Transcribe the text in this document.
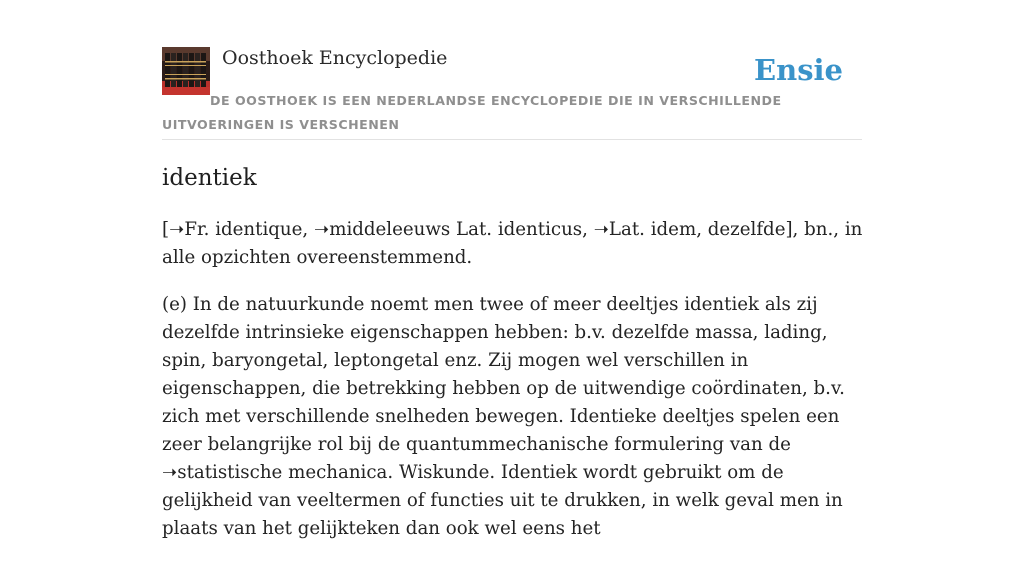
Oosthoek Encyclopedie	Ensie
DE OOSTHOEK IS EEN NEDERLANDSE ENCYCLOPEDIE DIE IN VERSCHILLENDE UITVOERINGEN IS VERSCHENEN
identiek

[➝Fr. identique, ➝middeleeuws Lat. identicus, ➝Lat. idem, dezelfde], bn., in alle opzichten overeenstemmend.

(e) In de natuurkunde noemt men twee of meer deeltjes identiek als zij dezelfde intrinsieke eigenschappen hebben: b.v. dezelfde massa, lading, spin, baryongetal, leptongetal enz. Zij mogen wel verschillen in eigenschappen, die betrekking hebben op de uitwendige coördinaten, b.v. zich met verschillende snelheden bewegen. Identieke deeltjes spelen een zeer belangrijke rol bij de quantummechanische formulering van de ➝statistische mechanica. Wiskunde. Identiek wordt gebruikt om de gelijkheid van veeltermen of functies uit te drukken, in welk geval men in plaats van het gelijkteken dan ook wel eens het
